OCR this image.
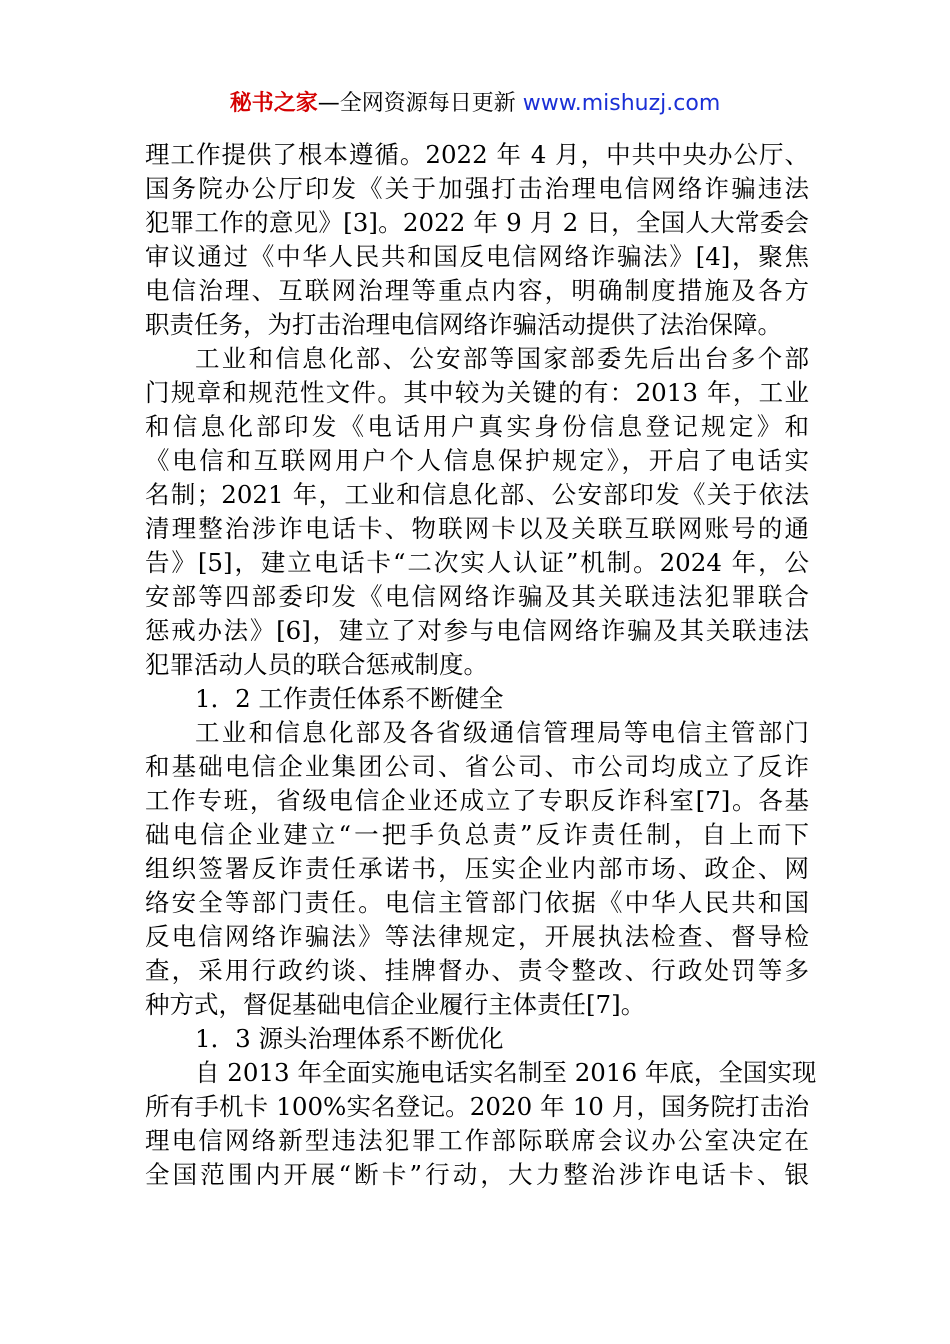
秘书之家—全网资源每日更新 www.mishuzj.com
理工作提供了根本遵循。2022 年 4 月，中共中央办公厅、
国务院办公厅印发《关于加强打击治理电信网络诈骗违法
犯罪工作的意见》[3]。2022 年 9 月 2 日，全国人大常委会
审议通过《中华人民共和国反电信网络诈骗法》[4]，聚焦
电信治理、互联网治理等重点内容，明确制度措施及各方
职责任务，为打击治理电信网络诈骗活动提供了法治保障。
工业和信息化部、公安部等国家部委先后出台多个部
门规章和规范性文件。其中较为关键的有：2013 年，工业
和信息化部印发《电话用户真实身份信息登记规定》和
《电信和互联网用户个人信息保护规定》，开启了电话实
名制；2021 年，工业和信息化部、公安部印发《关于依法
清理整治涉诈电话卡、物联网卡以及关联互联网账号的通
告》[5]，建立电话卡“二次实人认证”机制。2024 年，公
安部等四部委印发《电信网络诈骗及其关联违法犯罪联合
惩戒办法》[6]，建立了对参与电信网络诈骗及其关联违法
犯罪活动人员的联合惩戒制度。
1．2 工作责任体系不断健全
工业和信息化部及各省级通信管理局等电信主管部门
和基础电信企业集团公司、省公司、市公司均成立了反诈
工作专班，省级电信企业还成立了专职反诈科室[7]。各基
础电信企业建立“一把手负总责”反诈责任制，自上而下
组织签署反诈责任承诺书，压实企业内部市场、政企、网
络安全等部门责任。电信主管部门依据《中华人民共和国
反电信网络诈骗法》等法律规定，开展执法检查、督导检
查，采用行政约谈、挂牌督办、责令整改、行政处罚等多
种方式，督促基础电信企业履行主体责任[7]。
1．3 源头治理体系不断优化
自 2013 年全面实施电话实名制至 2016 年底，全国实现
所有手机卡 100%实名登记。2020 年 10 月，国务院打击治
理电信网络新型违法犯罪工作部际联席会议办公室决定在
全国范围内开展“断卡”行动，大力整治涉诈电话卡、银
